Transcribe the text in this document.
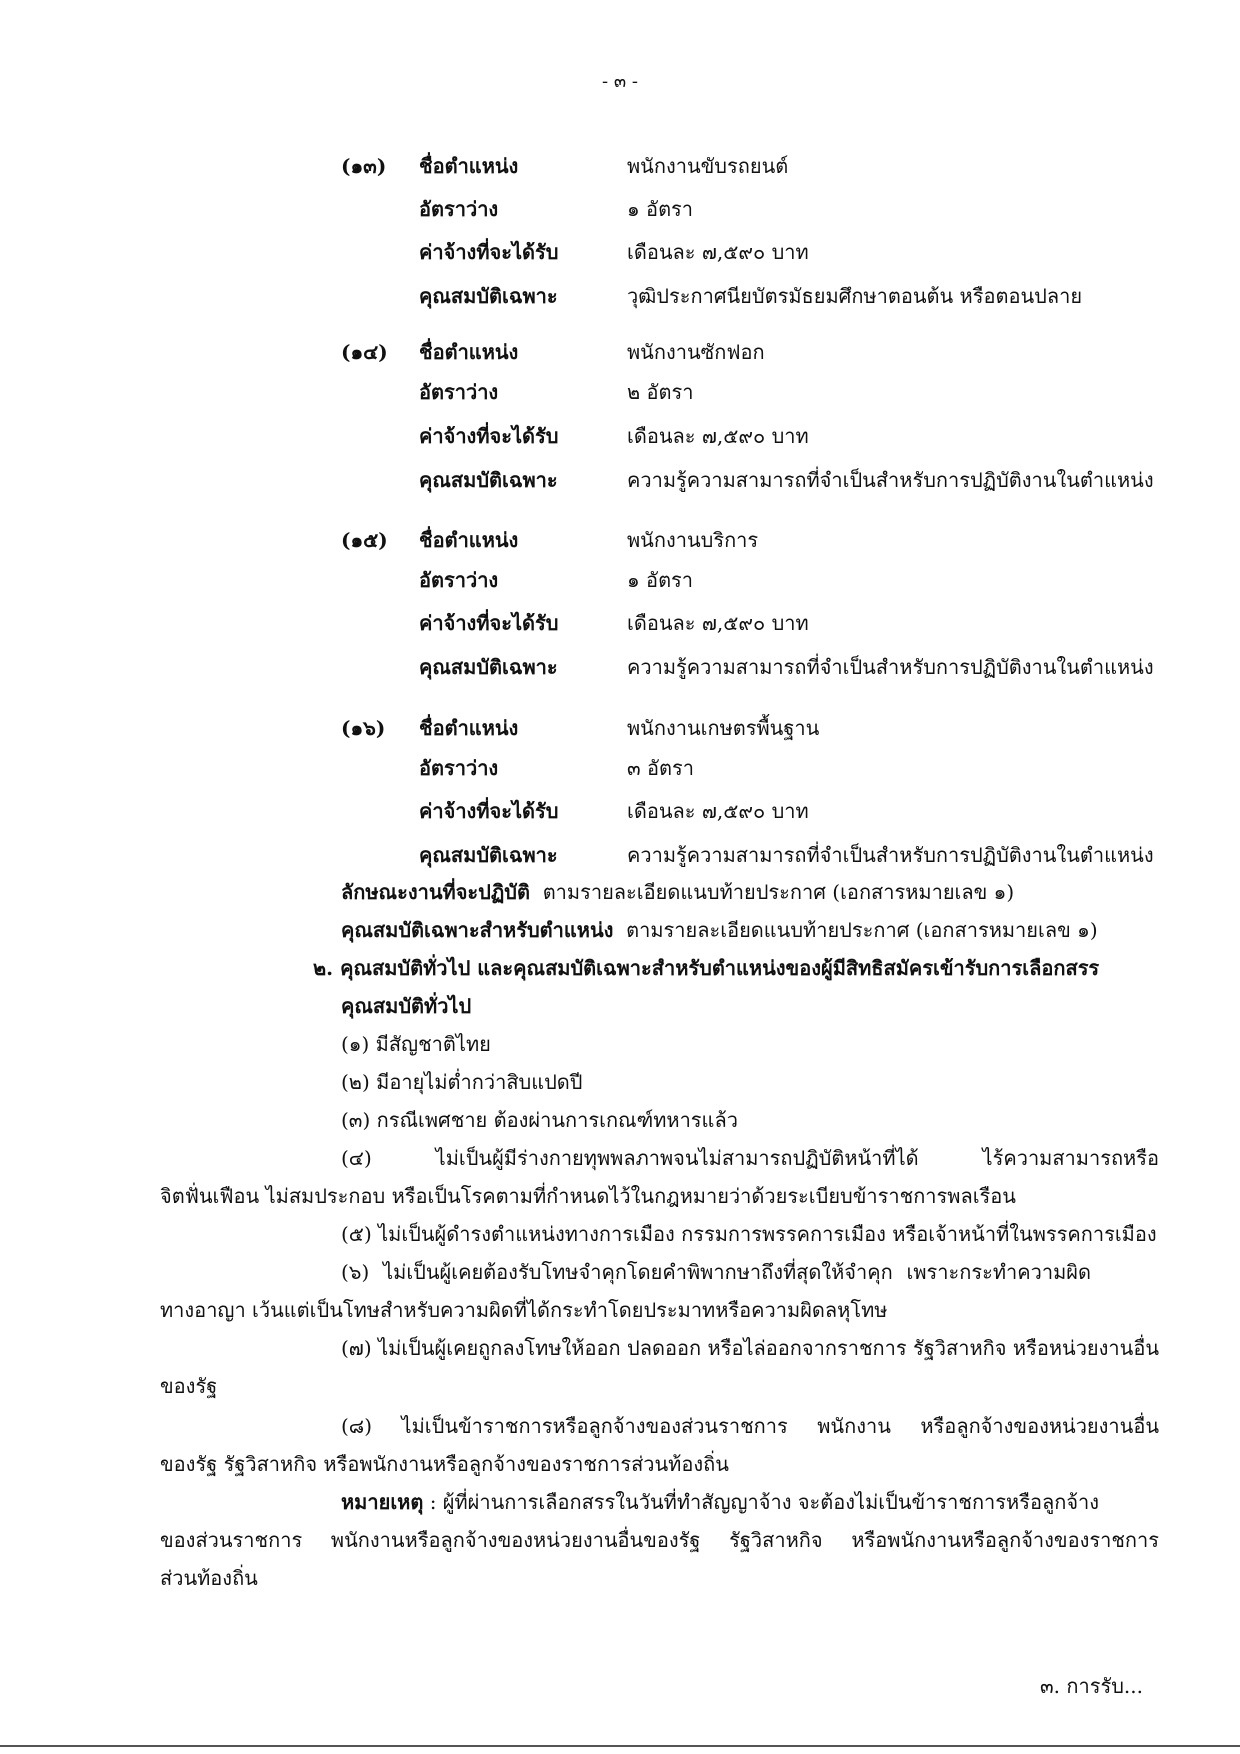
- ๓ -
(๑๓) ชื่อตำแหน่ง	พนักงานขับรถยนต์
อัตราว่าง	๑ อัตรา
ค่าจ้างที่จะได้รับ	เดือนละ ๗,๕๙๐ บาท
คุณสมบัติเฉพาะ	วุฒิประกาศนียบัตรมัธยมศึกษาตอนต้น หรือตอนปลาย
(๑๔) ชื่อตำแหน่ง	พนักงานซักฟอก
อัตราว่าง	๒ อัตรา
ค่าจ้างที่จะได้รับ	เดือนละ ๗,๕๙๐ บาท
คุณสมบัติเฉพาะ	ความรู้ความสามารถที่จำเป็นสำหรับการปฏิบัติงานในตำแหน่ง
(๑๕) ชื่อตำแหน่ง	พนักงานบริการ
อัตราว่าง	๑ อัตรา
ค่าจ้างที่จะได้รับ	เดือนละ ๗,๕๙๐ บาท
คุณสมบัติเฉพาะ	ความรู้ความสามารถที่จำเป็นสำหรับการปฏิบัติงานในตำแหน่ง
(๑๖) ชื่อตำแหน่ง	พนักงานเกษตรพื้นฐาน
อัตราว่าง	๓ อัตรา
ค่าจ้างที่จะได้รับ	เดือนละ ๗,๕๙๐ บาท
คุณสมบัติเฉพาะ	ความรู้ความสามารถที่จำเป็นสำหรับการปฏิบัติงานในตำแหน่ง
ลักษณะงานที่จะปฏิบัติ ตามรายละเอียดแนบท้ายประกาศ (เอกสารหมายเลข ๑)
คุณสมบัติเฉพาะสำหรับตำแหน่ง ตามรายละเอียดแนบท้ายประกาศ (เอกสารหมายเลข ๑)
๒. คุณสมบัติทั่วไป และคุณสมบัติเฉพาะสำหรับตำแหน่งของผู้มีสิทธิสมัครเข้ารับการเลือกสรร
คุณสมบัติทั่วไป
(๑) มีสัญชาติไทย
(๒) มีอายุไม่ต่ำกว่าสิบแปดปี
(๓) กรณีเพศชาย ต้องผ่านการเกณฑ์ทหารแล้ว
(๔) ไม่เป็นผู้มีร่างกายทุพพลภาพจนไม่สามารถปฏิบัติหน้าที่ได้ ไร้ความสามารถหรือ
จิตฟั่นเฟือน ไม่สมประกอบ หรือเป็นโรคตามที่กำหนดไว้ในกฎหมายว่าด้วยระเบียบข้าราชการพลเรือน
(๕) ไม่เป็นผู้ดำรงตำแหน่งทางการเมือง กรรมการพรรคการเมือง หรือเจ้าหน้าที่ในพรรคการเมือง
(๖) ไม่เป็นผู้เคยต้องรับโทษจำคุกโดยคำพิพากษาถึงที่สุดให้จำคุก เพราะกระทำความผิด
ทางอาญา เว้นแต่เป็นโทษสำหรับความผิดที่ได้กระทำโดยประมาทหรือความผิดลหุโทษ
(๗) ไม่เป็นผู้เคยถูกลงโทษให้ออก ปลดออก หรือไล่ออกจากราชการ รัฐวิสาหกิจ หรือหน่วยงานอื่น
ของรัฐ
(๘) ไม่เป็นข้าราชการหรือลูกจ้างของส่วนราชการ พนักงาน หรือลูกจ้างของหน่วยงานอื่น
ของรัฐ รัฐวิสาหกิจ หรือพนักงานหรือลูกจ้างของราชการส่วนท้องถิ่น
หมายเหตุ : ผู้ที่ผ่านการเลือกสรรในวันที่ทำสัญญาจ้าง จะต้องไม่เป็นข้าราชการหรือลูกจ้าง
ของส่วนราชการ พนักงานหรือลูกจ้างของหน่วยงานอื่นของรัฐ รัฐวิสาหกิจ หรือพนักงานหรือลูกจ้างของราชการ
ส่วนท้องถิ่น
๓. การรับ...
